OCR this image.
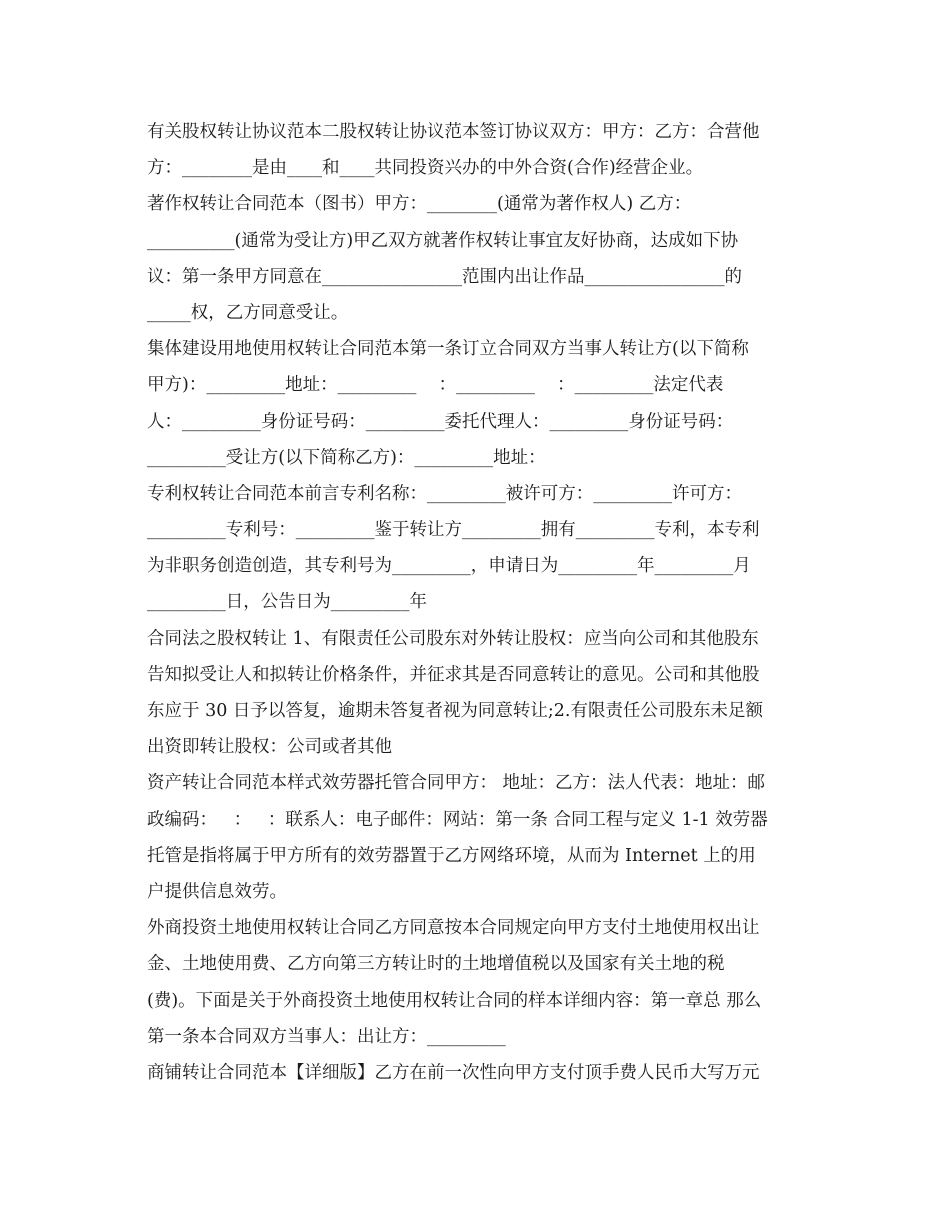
有关股权转让协议范本二股权转让协议范本签订协议双方：甲方：乙方：合营他
方：________是由____和____共同投资兴办的中外合资(合作)经营企业。
著作权转让合同范本（图书）甲方：________(通常为著作权人) 乙方：
__________(通常为受让方)甲乙双方就著作权转让事宜友好协商，达成如下协
议：第一条甲方同意在________________范围内出让作品________________的
_____权，乙方同意受让。
集体建设用地使用权转让合同范本第一条订立合同双方当事人转让方(以下简称
甲方)：_________地址：_________    ：_________    ：_________法定代表
人：_________身份证号码：_________委托代理人：_________身份证号码：
_________受让方(以下简称乙方)：_________地址：
专利权转让合同范本前言专利名称：_________被许可方：_________许可方：
_________专利号：_________鉴于转让方_________拥有_________专利，本专利
为非职务创造创造，其专利号为_________，申请日为_________年_________月
_________日，公告日为_________年
合同法之股权转让 1、有限责任公司股东对外转让股权：应当向公司和其他股东
告知拟受让人和拟转让价格条件，并征求其是否同意转让的意见。公司和其他股
东应于 30 日予以答复，逾期未答复者视为同意转让;2.有限责任公司股东未足额
出资即转让股权：公司或者其他
资产转让合同范本样式效劳器托管合同甲方： 地址：乙方：法人代表：地址：邮
政编码：   ：   ：联系人：电子邮件：网站：第一条 合同工程与定义 1-1 效劳器
托管是指将属于甲方所有的效劳器置于乙方网络环境，从而为 Internet 上的用
户提供信息效劳。
外商投资土地使用权转让合同乙方同意按本合同规定向甲方支付土地使用权出让
金、土地使用费、乙方向第三方转让时的土地增值税以及国家有关土地的税
(费)。下面是关于外商投资土地使用权转让合同的样本详细内容：第一章总 那么
第一条本合同双方当事人：出让方：_________
商铺转让合同范本【详细版】乙方在前一次性向甲方支付顶手费人民币大写万元
